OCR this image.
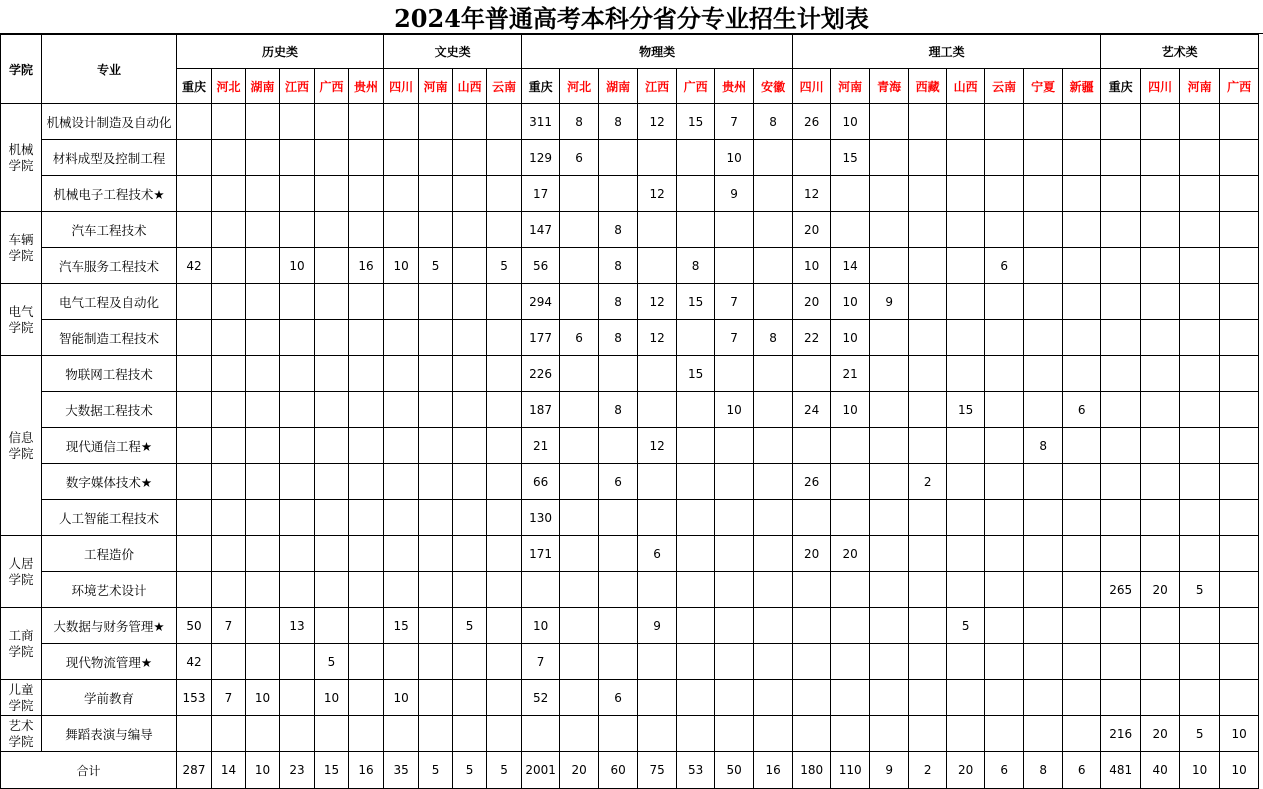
2024年普通高考本科分省分专业招生计划表
学院	专业	历史类						文史类				物理类							理工类								艺术类			
		重庆	河北	湖南	江西	广西	贵州	四川	河南	山西	云南	重庆	河北	湖南	江西	广西	贵州	安徽	四川	河南	青海	西藏	山西	云南	宁夏	新疆	重庆	四川	河南	广西
机械
学院	机械设计制造及自动化											311	8	8	12	15	7	8	26	10										
	材料成型及控制工程											129	6				10			15										
	机械电子工程技术★											17			12		9		12											
车辆
学院	汽车工程技术											147		8					20											
	汽车服务工程技术	42			10		16	10	5		5	56		8		8			10	14				6						
电气
学院	电气工程及自动化											294		8	12	15	7		20	10	9									
	智能制造工程技术											177	6	8	12		7	8	22	10										
信息
学院	物联网工程技术											226				15				21										
	大数据工程技术											187		8			10		24	10			15			6				
	现代通信工程★											21			12										8					
	数字媒体技术★											66		6					26			2								
	人工智能工程技术											130																		
人居
学院	工程造价											171			6				20	20										
	环境艺术设计																										265	20	5	
工商
学院	大数据与财务管理★	50	7		13			15		5		10			9								5							
	现代物流管理★	42				5						7																		
儿童
学院	学前教育	153	7	10		10		10				52		6																
艺术
学院	舞蹈表演与编导																										216	20	5	10
合计		287	14	10	23	15	16	35	5	5	5	2001	20	60	75	53	50	16	180	110	9	2	20	6	8	6	481	40	10	10
